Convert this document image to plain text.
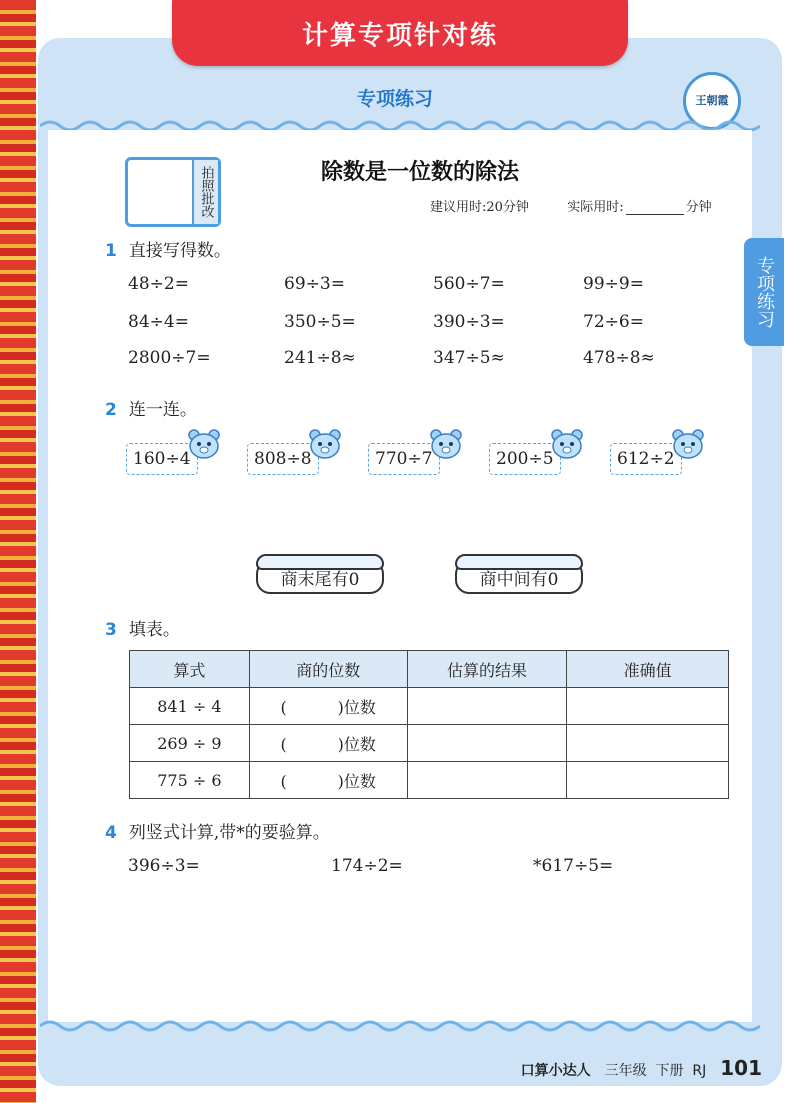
计算专项针对练
专项练习	王朝霞
专项练习
拍照批改	除数是一位数的除法
建议用时:20分钟	实际用时:	分钟
1 直接写得数。
48÷2=	69÷3=	560÷7=	99÷9=
84÷4=	350÷5=	390÷3=	72÷6=
2800÷7=	241÷8≈	347÷5≈	478÷8≈
2 连一连。
160÷4	808÷8	770÷7	200÷5	612÷2
商末尾有0	商中间有0
3 填表。
算式	商的位数	估算的结果	准确值
841 ÷ 4	(          )位数		
269 ÷ 9	(          )位数		
775 ÷ 6	(          )位数		
4 列竖式计算,带*的要验算。
396÷3=	174÷2=	*617÷5=
口算小达人 三年级  下册  RJ 101
